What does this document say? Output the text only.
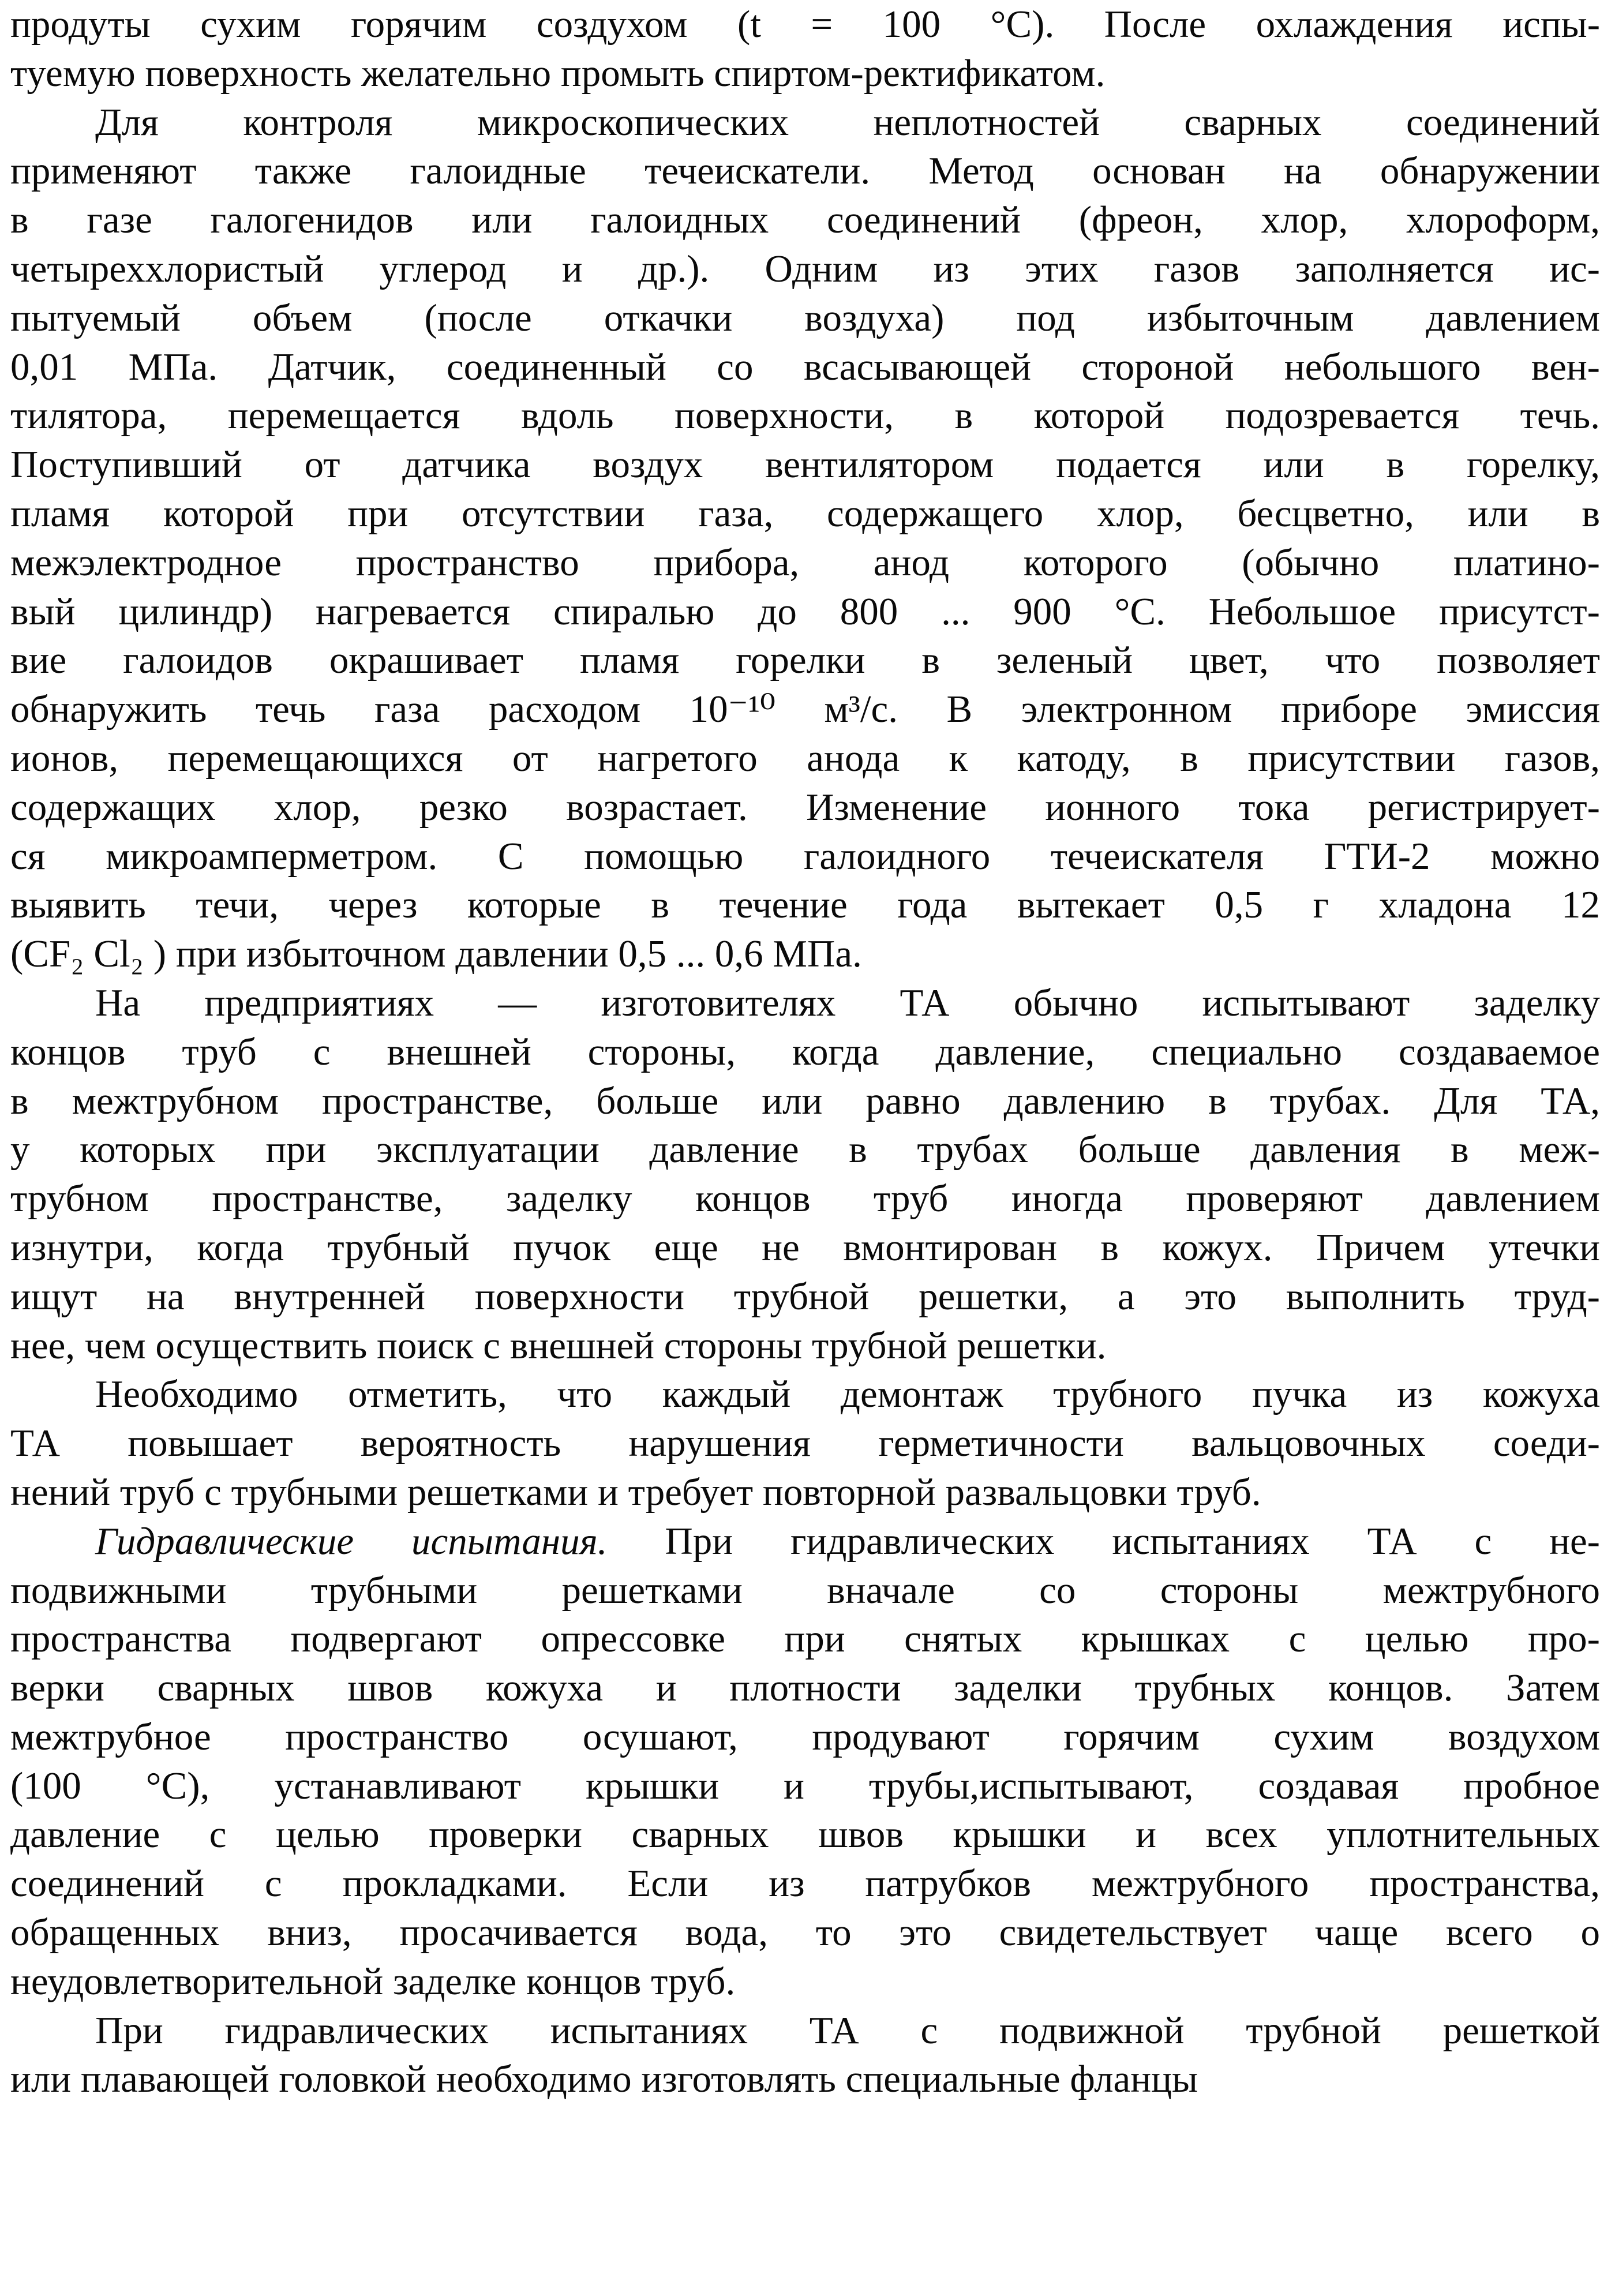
продуты сухим горячим создухом (t = 100 °С). После охлаждения испы-
туемую поверхность желательно промыть спиртом-ректификатом.
Для контроля микроскопических неплотностей сварных соединений
применяют также галоидные течеискатели. Метод основан на обнаружении
в газе галогенидов или галоидных соединений (фреон, хлор, хлороформ,
четыреххлористый углерод и др.). Одним из этих газов заполняется ис-
пытуемый объем (после откачки воздуха) под избыточным давлением
0,01 МПа. Датчик, соединенный со всасывающей стороной небольшого вен-
тилятора, перемещается вдоль поверхности, в которой подозревается течь.
Поступивший от датчика воздух вентилятором подается или в горелку,
пламя которой при отсутствии газа, содержащего хлор, бесцветно, или в
межэлектродное пространство прибора, анод которого (обычно платино-
вый цилиндр) нагревается спиралью до 800 ... 900 °С. Небольшое присутст-
вие галоидов окрашивает пламя горелки в зеленый цвет, что позволяет
обнаружить течь газа расходом 10⁻¹⁰ м³/с. В электронном приборе эмиссия
ионов, перемещающихся от нагретого анода к катоду, в присутствии газов,
содержащих хлор, резко возрастает. Изменение ионного тока регистрирует-
ся микроамперметром. С помощью галоидного течеискателя ГТИ-2 можно
выявить течи, через которые в течение года вытекает 0,5 г хладона 12
(CF₂ Cl₂ ) при избыточном давлении 0,5 ... 0,6 МПа.
На предприятиях — изготовителях ТА обычно испытывают заделку
концов труб с внешней стороны, когда давление, специально создаваемое
в межтрубном пространстве, больше или равно давлению в трубах. Для ТА,
у которых при эксплуатации давление в трубах больше давления в меж-
трубном пространстве, заделку концов труб иногда проверяют давлением
изнутри, когда трубный пучок еще не вмонтирован в кожух. Причем утечки
ищут на внутренней поверхности трубной решетки, а это выполнить труд-
нее, чем осуществить поиск с внешней стороны трубной решетки.
Необходимо отметить, что каждый демонтаж трубного пучка из кожуха
ТА повышает вероятность нарушения герметичности вальцовочных соеди-
нений труб с трубными решетками и требует повторной развальцовки труб.
Гидравлические испытания. При гидравлических испытаниях ТА с не-
подвижными трубными решетками вначале со стороны межтрубного
пространства подвергают опрессовке при снятых крышках с целью про-
верки сварных швов кожуха и плотности заделки трубных концов. Затем
межтрубное пространство осушают, продувают горячим сухим воздухом
(100 °С), устанавливают крышки и трубы,испытывают, создавая пробное
давление с целью проверки сварных швов крышки и всех уплотнительных
соединений с прокладками. Если из патрубков межтрубного пространства,
обращенных вниз, просачивается вода, то это свидетельствует чаще всего о
неудовлетворительной заделке концов труб.
При гидравлических испытаниях ТА с подвижной трубной решеткой
или плавающей головкой необходимо изготовлять специальные фланцы
